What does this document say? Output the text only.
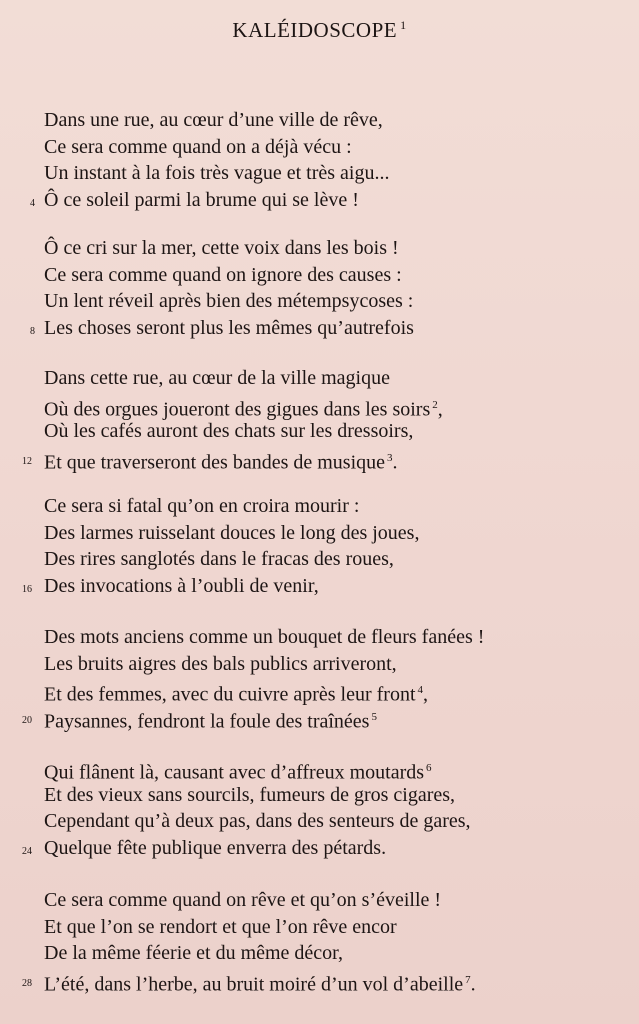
KALÉIDOSCOPE $^1$
Dans une rue, au cœur d’une ville de rêve,
Ce sera comme quand on a déjà vécu :
Un instant à la fois très vague et très aigu...
Ô ce soleil parmi la brume qui se lève !
4
Ô ce cri sur la mer, cette voix dans les bois !
Ce sera comme quand on ignore des causes :
Un lent réveil après bien des métempsycoses :
Les choses seront plus les mêmes qu’autrefois
8
Dans cette rue, au cœur de la ville magique
Où des orgues joueront des gigues dans les soirs $^2$,
Où les cafés auront des chats sur les dressoirs,
Et que traverseront des bandes de musique $^3$.
12
Ce sera si fatal qu’on en croira mourir :
Des larmes ruisselant douces le long des joues,
Des rires sanglotés dans le fracas des roues,
Des invocations à l’oubli de venir,
16
Des mots anciens comme un bouquet de fleurs fanées !
Les bruits aigres des bals publics arriveront,
Et des femmes, avec du cuivre après leur front $^4$,
Paysannes, fendront la foule des traînées $^5$
20
Qui flânent là, causant avec d’affreux moutards $^6$
Et des vieux sans sourcils, fumeurs de gros cigares,
Cependant qu’à deux pas, dans des senteurs de gares,
Quelque fête publique enverra des pétards.
24
Ce sera comme quand on rêve et qu’on s’éveille !
Et que l’on se rendort et que l’on rêve encor
De la même féerie et du même décor,
L’été, dans l’herbe, au bruit moiré d’un vol d’abeille $^7$.
28
